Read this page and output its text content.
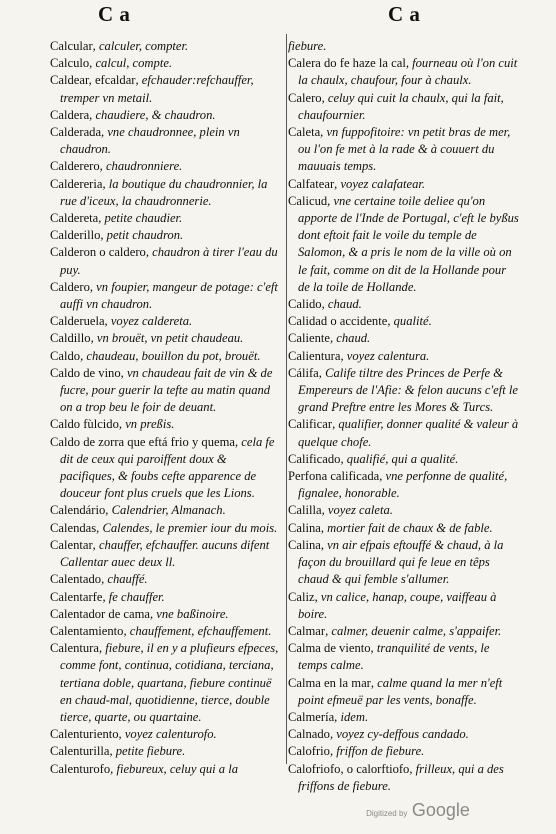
C a	C a
Calcular, calculer, compter.
Calculo, calcul, compte.
Caldear, efcaldar, efchauder:refchauffer, tremper vn metail.
Caldera, chaudiere, & chaudron.
Calderada, vne chaudronnee, plein vn chaudron.
Calderero, chaudronniere.
Caldereria, la boutique du chaudronnier, la rue d'iceux, la chaudronnerie.
Caldereta, petite chaudier.
Calderillo, petit chaudron.
Calderon o caldero, chaudron à tirer l'eau du puy.
Caldero, vn foupier, mangeur de potage: c'eft auffi vn chaudron.
Calderuela, voyez caldereta.
Caldillo, vn brouët, vn petit chaudeau.
Caldo, chaudeau, bouillon du pot, brouët.
Caldo de vino, vn chaudeau fait de vin & de fucre, pour guerir la tefte au matin quand on a trop beu le foir de deuant.
Caldo fùlcido, vn preßis.
Caldo de zorra que eftá frio y quema, cela fe dit de ceux qui paroiffent doux & pacifiques, & foubs cefte apparence de douceur font plus cruels que les Lions.
Calendário, Calendrier, Almanach.
Calendas, Calendes, le premier iour du mois.
Calentar, chauffer, efchauffer. aucuns difent Callentar auec deux ll.
Calentado, chauffé.
Calentarfe, fe chauffer.
Calentador de cama, vne baßinoire.
Calentamiento, chauffement, efchauffement.
Calentura, fiebure, il en y a plufieurs efpeces, comme font, continua, cotidiana, terciana, tertiana doble, quartana, fiebure continuë en chaud-mal, quotidienne, tierce, double tierce, quarte, ou quartaine.
Calenturiento, voyez calenturofo.
Calenturilla, petite fiebure.
Calenturofo, fiebureux, celuy qui a la
fiebure.
Calera do fe haze la cal, fourneau où l'on cuit la chaulx, chaufour, four à chaulx.
Calero, celuy qui cuit la chaulx, qui la fait, chaufournier.
Caleta, vn fuppofitoire: vn petit bras de mer, ou l'on fe met à la rade & à couuert du mauuais temps.
Calfatear, voyez calafatear.
Calicud, vne certaine toile deliee qu'on apporte de l'Inde de Portugal, c'eft le byßus dont eftoit fait le voile du temple de Salomon, & a pris le nom de la ville où on le fait, comme on dit de la Hollande pour de la toile de Hollande.
Calido, chaud.
Calidad o accidente, qualité.
Caliente, chaud.
Calientura, voyez calentura.
Cálifa, Calife tiltre des Princes de Perfe & Empereurs de l'Afie: & felon aucuns c'eft le grand Preftre entre les Mores & Turcs.
Calificar, qualifier, donner qualité & valeur à quelque chofe.
Calificado, qualifié, qui a qualité.
Perfona calificada, vne perfonne de qualité, fignalee, honorable.
Calilla, voyez caleta.
Calina, mortier fait de chaux & de fable.
Calina, vn air efpais eftouffé & chaud, à la façon du brouillard qui fe leue en têps chaud & qui femble s'allumer.
Caliz, vn calice, hanap, coupe, vaiffeau à boire.
Calmar, calmer, deuenir calme, s'appaifer.
Calma de viento, tranquilité de vents, le temps calme.
Calma en la mar, calme quand la mer n'eft point efmeuë par les vents, bonaffe.
Calmería, idem.
Calnado, voyez cy-deffous candado.
Calofrio, friffon de fiebure.
Calofriofo, o calorftiofo, frilleux, qui a des friffons de fiebure.
Digitized by Google
